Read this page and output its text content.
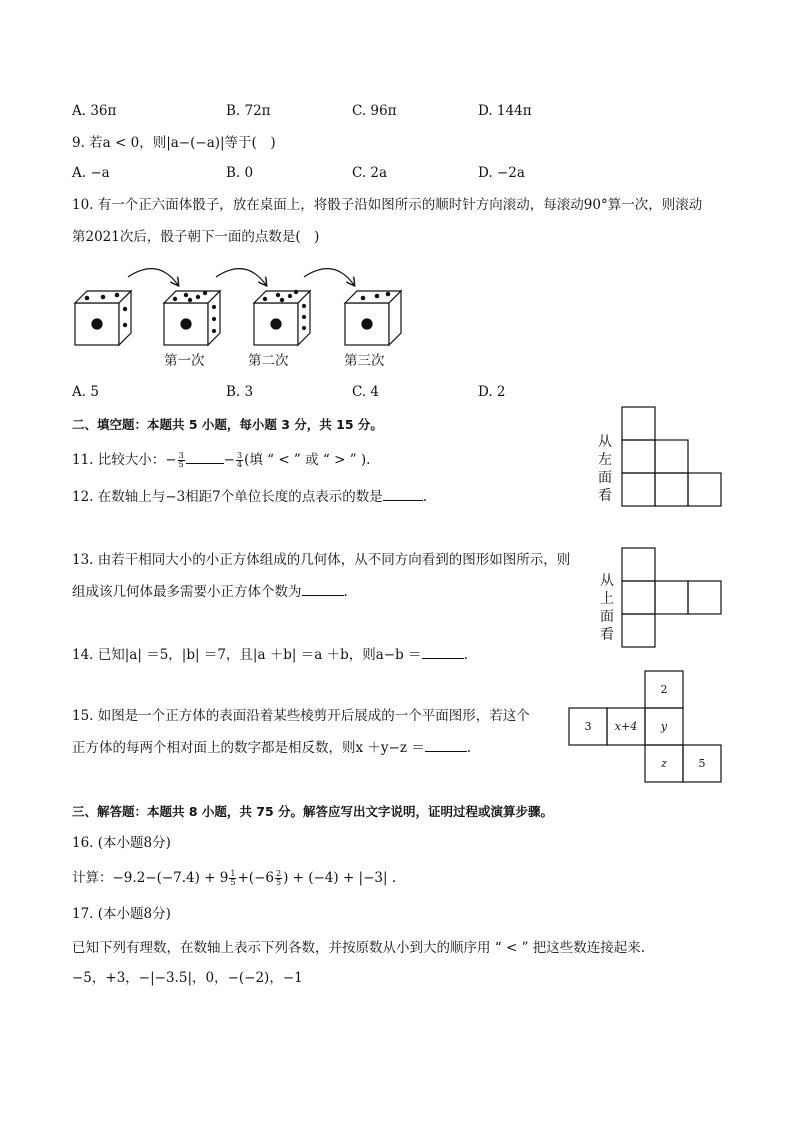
A. 36π	B. 72π	C. 96π	D. 144π
9. 若a < 0，则|a−(−a)|等于(　)
A. −a	B. 0	C. 2a	D. −2a
10. 有一个正六面体骰子，放在桌面上，将骰子沿如图所示的顺时针方向滚动，每滚动90°算一次，则滚动
第2021次后，骰子朝下一面的点数是(　)
第一次	第二次	第三次
A. 5	B. 3	C. 4	D. 2
二、填空题：本题共 5 小题，每小题 3 分，共 15 分。
11. 比较大小：− $\frac{3}{5}$	− $\frac{3}{4}$ (填 “ < ” 或 “ > ” ).
12. 在数轴上与−3相距7个单位长度的点表示的数是	.
从
左
面
看
13. 由若干相同大小的小正方体组成的几何体，从不同方向看到的图形如图所示，则
组成该几何体最多需要小正方体个数为	.
从
上
面
看
14. 已知|a| ＝5，|b| ＝7，且|a ＋b| ＝a ＋b，则a−b ＝	.
15. 如图是一个正方体的表面沿着某些棱剪开后展成的一个平面图形，若这个
正方体的每两个相对面上的数字都是相反数，则x ＋y−z ＝	.
2
3 x+4 y
z	5
三、解答题：本题共 8 小题，共 75 分。解答应写出文字说明，证明过程或演算步骤。
16. (本小题8分)
计算：$-9.2-(-7.4) + 9 \frac{1}{5} +(-6 \frac{2}{5}$ ) + (−4) + |−3| .
17. (本小题8分)
已知下列有理数，在数轴上表示下列各数，并按原数从小到大的顺序用 “ < ” 把这些数连接起来.
−5，+3，−|−3.5|，0，−(−2)，−1
